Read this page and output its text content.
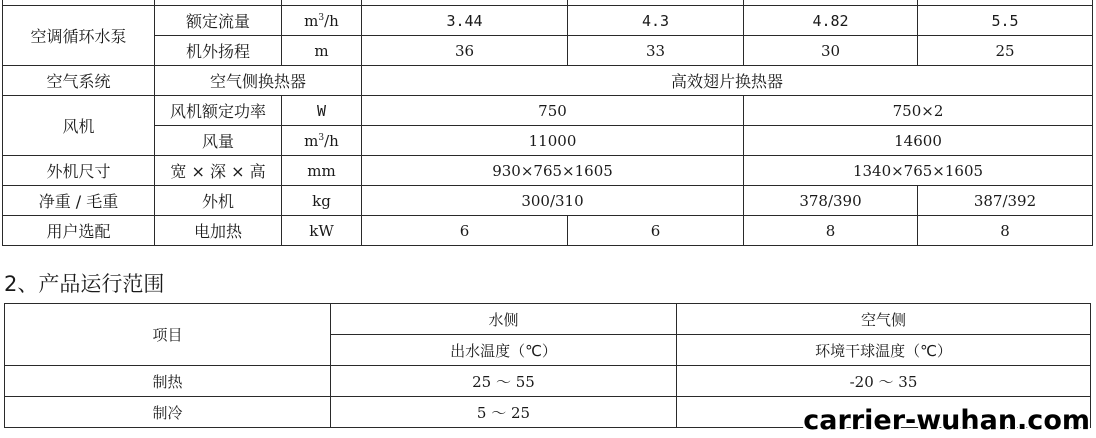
空调循环水泵	额定流量	$m^3/h$	3.44	4.3	4.82	5.5
	机外扬程	m	36	33	30	25
空气系统	空气侧换热器		高效翅片换热器			
风机	风机额定功率	W	750		750×2	
	风量	$m^3/h$	11000		14600	
外机尺寸	宽 × 深 × 高	mm	930×765×1605		1340×765×1605	
净重 / 毛重	外机	kg	300/310		378/390	387/392
用户选配	电加热	kW	6	6	8	8
2、产品运行范围
项目	水侧	空气侧
	出水温度（℃）	环境干球温度（℃）
制热	25 ～ 55	-20 ～ 35
制冷	5 ～ 25		carrier-wuhan.com
